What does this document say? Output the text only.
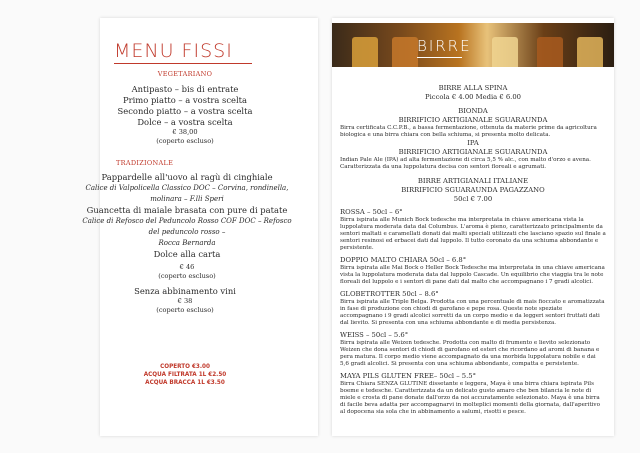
MENU FISSI
VEGETARIANO
Antipasto – bis di entrate
Primo piatto – a vostra scelta
Secondo piatto – a vostra scelta
Dolce – a vostra scelta
€ 38,00
(coperto escluso)
TRADIZIONALE
Pappardelle all'uovo al ragù di cinghiale
Calice di Valpolicella Classico DOC – Corvina, rondinella, molinara – F.lli Speri
Guancetta di maiale brasata con pure di patate
Calice di Refosco del Peduncolo Rosso COF DOC – Refosco del peduncolo rosso –
Rocca Bernarda
Dolce alla carta
€ 46
(coperto escluso)
Senza abbinamento vini
€ 38
(coperto escluso)
COPERTO €3.00
ACQUA FILTRATA 1L €2.50
ACQUA BRACCA 1L €3.50
BIRRE
BIRRE ALLA SPINA
Piccola € 4.00 Media € 6.00
BIONDA
BIRRIFICIO ARTIGIANALE SGUARAUNDA
Birra certificata C.C.P.B., a bassa fermentazione, ottenuta da materie prime da agricoltura biologica e una birra chiara con bella schiuma, si presenta molto delicata.
IPA
BIRRIFICIO ARTIGIANALE SGUARAUNDA
Indian Pale Ale (IPA) ad alta fermentazione di circa 5,5 % alc., con malto d'orzo e avena. Caratterizzata da una luppolatura decisa con sentori floreali e agrumati.
BIRRE ARTIGIANALI ITALIANE
BIRRIFICIO SGUARAUNDA PAGAZZANO
50cl € 7.00
ROSSA – 50cl – 6°
Birra ispirata alle Munich Bock tedesche ma interpretata in chiave americana vista la luppolatura moderata data dal Columbus. L'aroma è pieno, caratterizzato principalmente da sentori maltati e caramellati donati dai malti speciali utilizzati che lasciano spazio sul finale a sentori resinosi ed erbacei dati dal luppolo. Il tutto coronato da una schiuma abbondante e persistente.
DOPPIO MALTO CHIARA 50cl – 6.8°
Birra ispirata alle Mai Bock o Heller Bock Tedesche ma interpretata in una chiave americana vista la luppolatura moderata data dal luppolo Cascade. Un equilibrio che viaggia tra le note floreali del luppolo e i sentori di pane dati dal malto che accompagnano i 7 gradi alcolici.
GLOBETROTTER 50cl – 8.6°
Birra ispirata alle Triple Belga. Prodotta con una percentuale di mais fioccato e aromatizzata in fase di produzione con chiodi di garofano e pepe rosa. Queste note speziate accompagnano i 9 gradi alcolici sorretti da un corpo medio e da leggeri sentori fruttati dati dal lievito. Si presenta con una schiuma abbondante e di media persistenza.
WEISS – 50cl – 5.6°
Birra ispirata alle Weizen tedesche. Prodotta con malto di frumento e lievito selezionato Weizen che dona sentori di chiodi di garofano ed esteri che ricordano ad aromi di banana e pera matura. Il corpo medio viene accompagnato da una morbida luppolatura nobile e dai 5,6 gradi alcolici. Si presenta con una schiuma abbondante, compatta e persistente.
MAYA PILS GLUTEN FREE– 50cl – 5.5°
Birra Chiara SENZA GLUTINE dissetante e leggera, Maya è una birra chiara ispirata Pils boeme e tedesche. Caratterizzata da un delicato gusto amaro che ben bilancia le note di miele e crosta di pane donate dall'orzo da noi accuratamente selezionato. Maya è una birra di facile beva adatta per accompagnarvi in molteplici momenti della giornata, dall'aperitivo al dopocena sia sola che in abbinamento a salumi, risotti e pesce.
